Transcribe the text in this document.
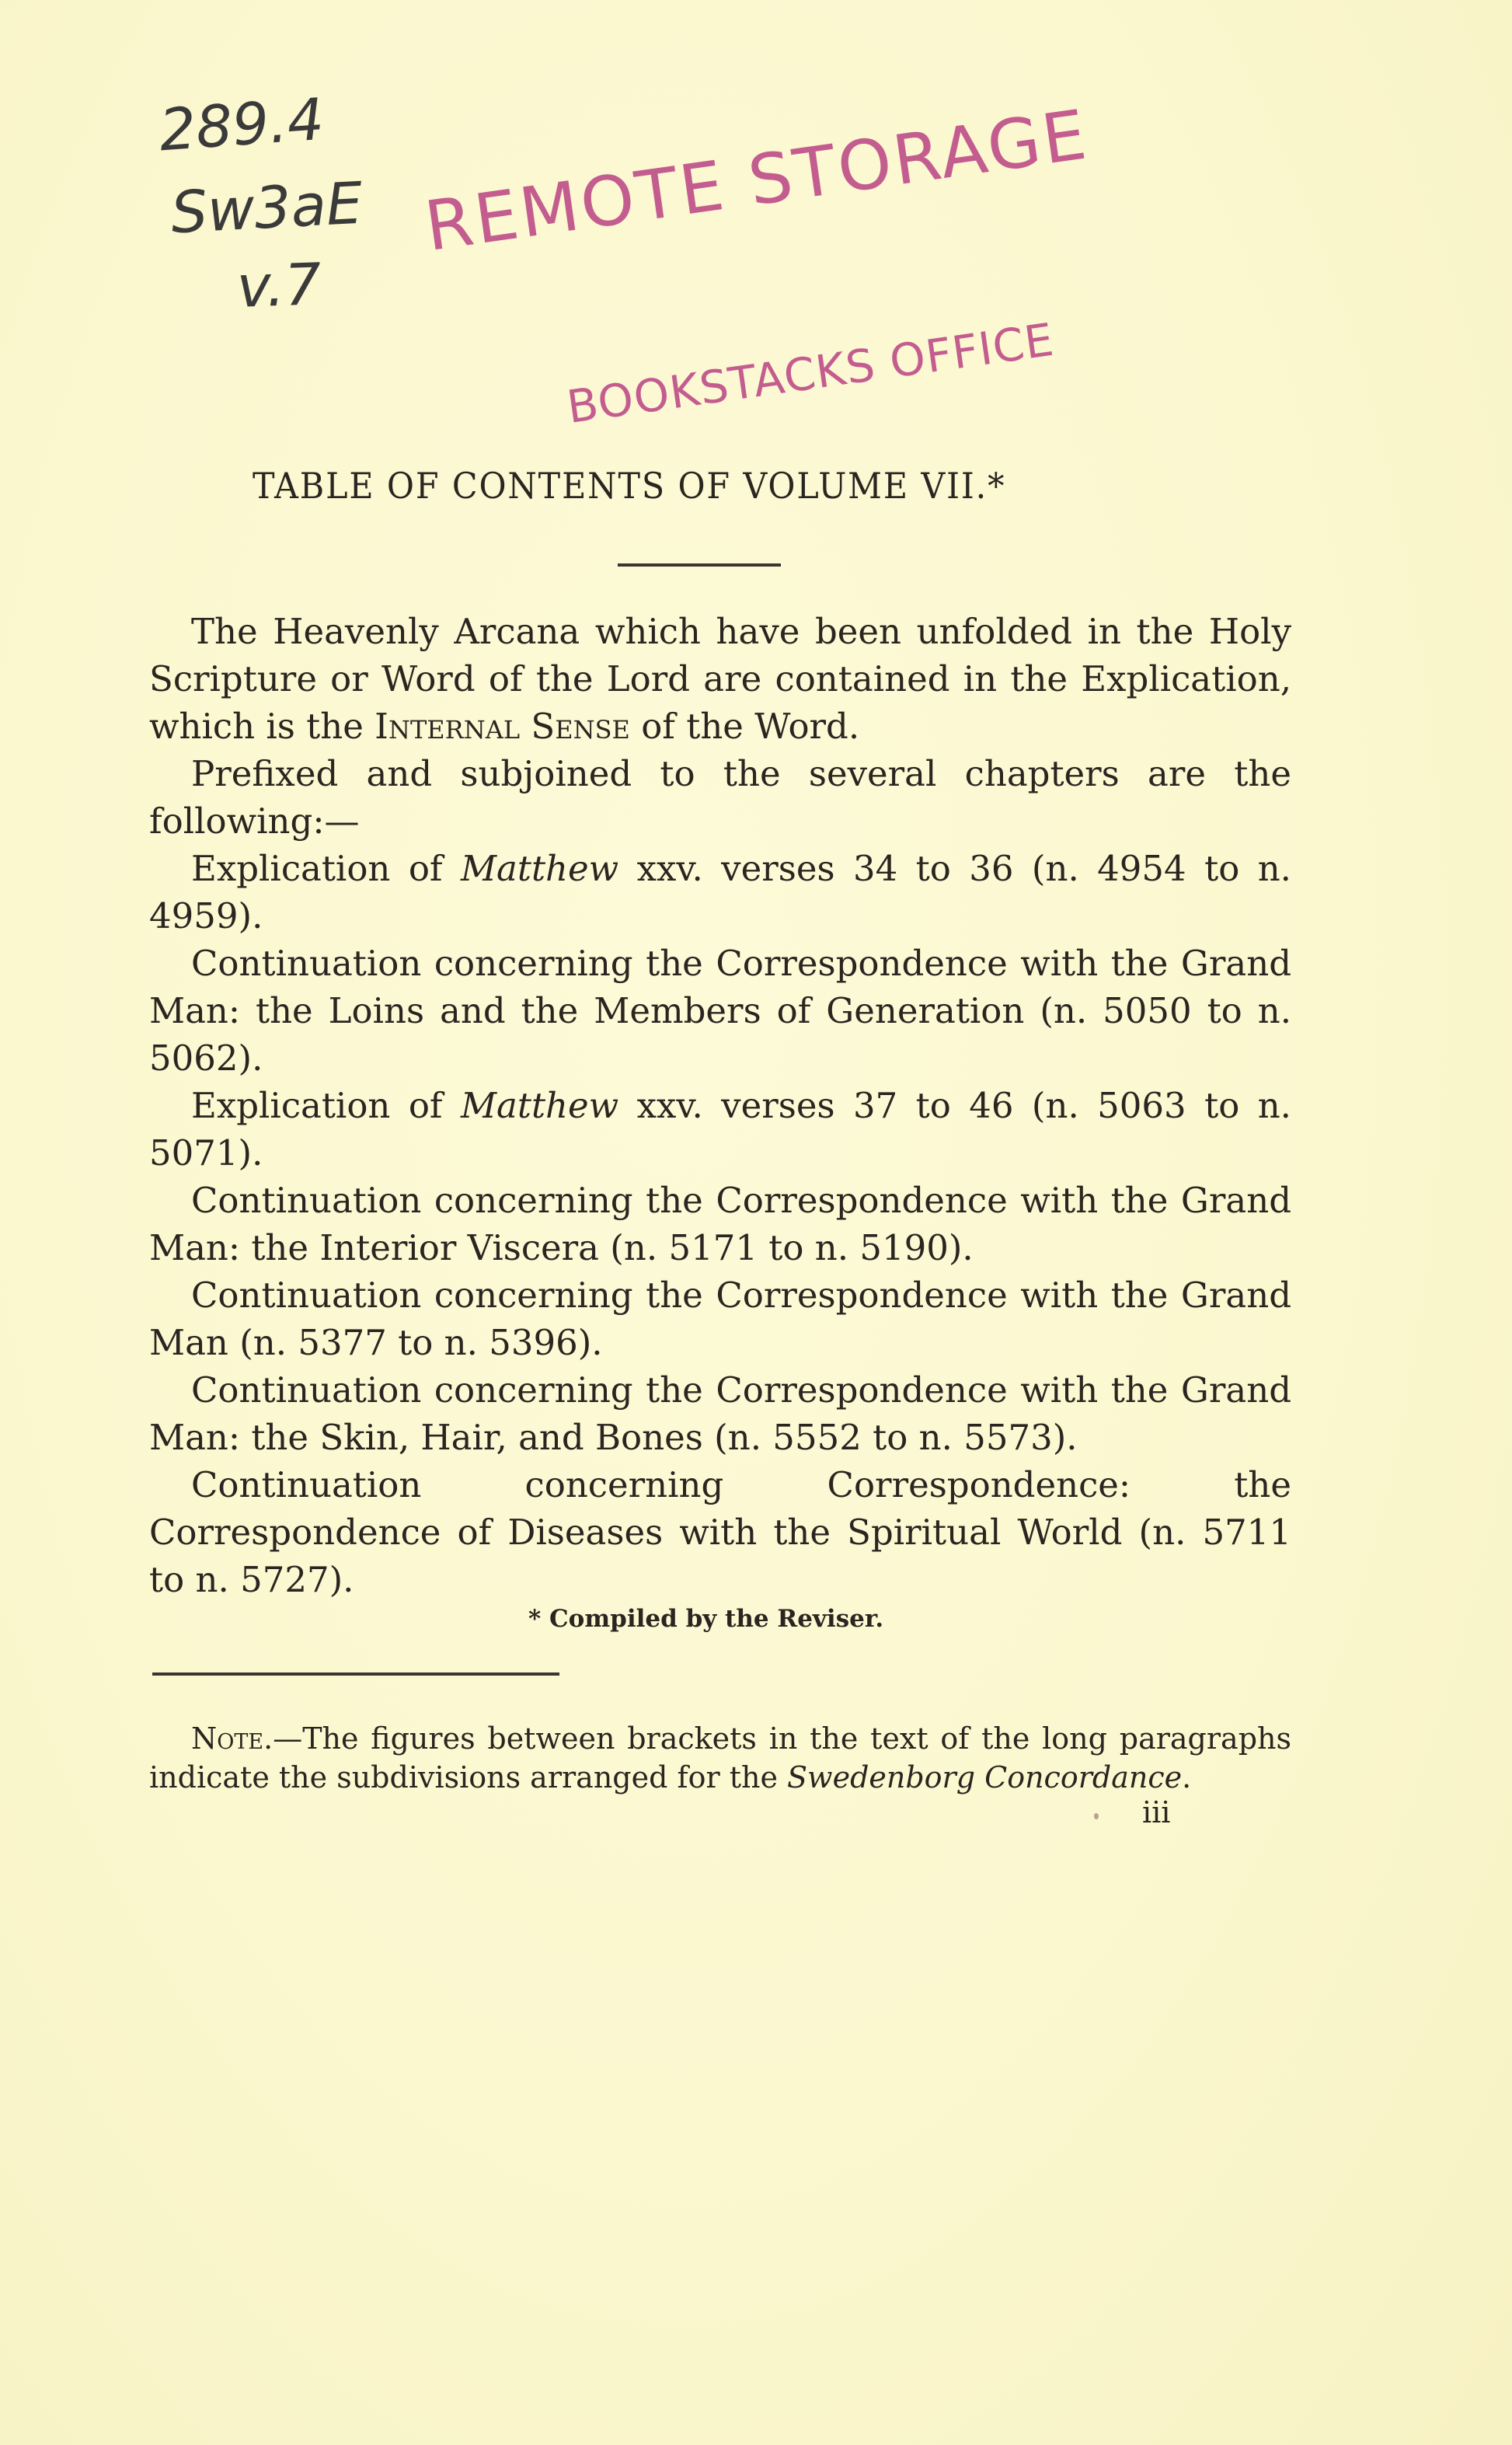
289.4
Sw3aE
v.7
REMOTE STORAGE
BOOKSTACKS OFFICE
TABLE OF CONTENTS OF VOLUME VII.*

The Heavenly Arcana which have been unfolded in the Holy Scripture or Word of the Lord are contained in the Explication, which is the Internal Sense of the Word.

Prefixed and subjoined to the several chapters are the following:—

Explication of Matthew xxv. verses 34 to 36 (n. 4954 to n. 4959).

Continuation concerning the Correspondence with the Grand Man: the Loins and the Members of Generation (n. 5050 to n. 5062).

Explication of Matthew xxv. verses 37 to 46 (n. 5063 to n. 5071).

Continuation concerning the Correspondence with the Grand Man: the Interior Viscera (n. 5171 to n. 5190).

Continuation concerning the Correspondence with the Grand Man (n. 5377 to n. 5396).

Continuation concerning the Correspondence with the Grand Man: the Skin, Hair, and Bones (n. 5552 to n. 5573).

Continuation concerning Correspondence: the Correspondence of Diseases with the Spiritual World (n. 5711 to n. 5727).

* Compiled by the Reviser.

Note.—The figures between brackets in the text of the long paragraphs indicate the subdivisions arranged for the Swedenborg Concordance.

iii
